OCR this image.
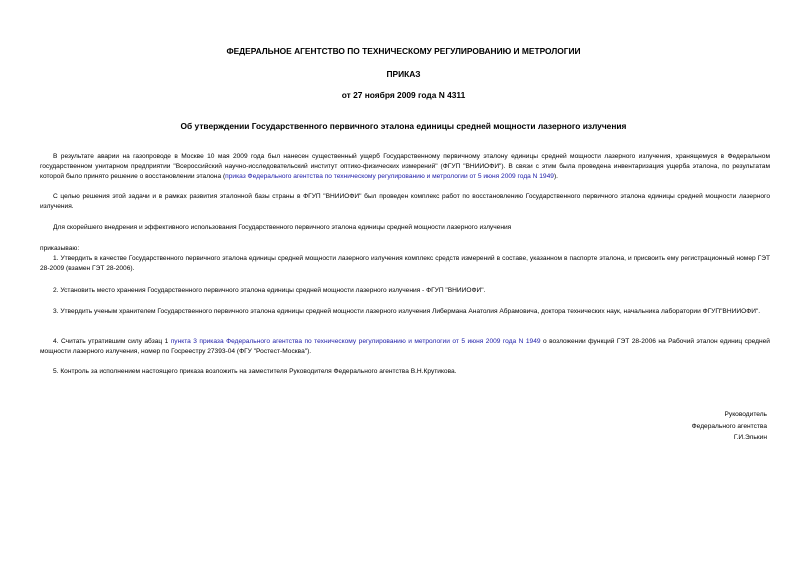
ФЕДЕРАЛЬНОЕ АГЕНТСТВО ПО ТЕХНИЧЕСКОМУ РЕГУЛИРОВАНИЮ И МЕТРОЛОГИИ
ПРИКАЗ
от 27 ноября 2009 года N 4311
Об утверждении Государственного первичного эталона единицы средней мощности лазерного излучения
В результате аварии на газопроводе в Москве 10 мая 2009 года был нанесен существенный ущерб Государственному первичному эталону единицы средней мощности лазерного излучения, хранящемуся в Федеральном государственном унитарном предприятии "Всероссийский научно-исследовательский институт оптико-физических измерений" (ФГУП "ВНИИОФИ"). В связи с этим была проведена инвентаризация ущерба эталона, по результатам которой было принято решение о восстановлении эталона (приказ Федерального агентства по техническому регулированию и метрологии от 5 июня 2009 года N 1949).
С целью решения этой задачи и в рамках развития эталонной базы страны в ФГУП "ВНИИОФИ" был проведен комплекс работ по восстановлению Государственного первичного эталона единицы средней мощности лазерного излучения.
Для скорейшего внедрения и эффективного использования Государственного первичного эталона единицы средней мощности лазерного излучения
приказываю:
1. Утвердить в качестве Государственного первичного эталона единицы средней мощности лазерного излучения комплекс средств измерений в составе, указанном в паспорте эталона, и присвоить ему регистрационный номер ГЭТ 28-2009 (взамен ГЭТ 28-2006).
2. Установить место хранения Государственного первичного эталона единицы средней мощности лазерного излучения - ФГУП "ВНИИОФИ".
3. Утвердить ученым хранителем Государственного первичного эталона единицы средней мощности лазерного излучения Либермана Анатолия Абрамовича, доктора технических наук, начальника лаборатории ФГУП"ВНИИОФИ".
4. Считать утратившим силу абзац 1 пункта 3 приказа Федерального агентства по техническому регулированию и метрологии от 5 июня 2009 года N 1949 о возложении функций ГЭТ 28-2006 на Рабочий эталон единиц средней мощности лазерного излучения, номер по Госреестру 27393-04 (ФГУ "Ростест-Москва").
5. Контроль за исполнением настоящего приказа возложить на заместителя Руководителя Федерального агентства В.Н.Крутикова.
Руководитель
Федерального агентства
Г.И.Элькин
